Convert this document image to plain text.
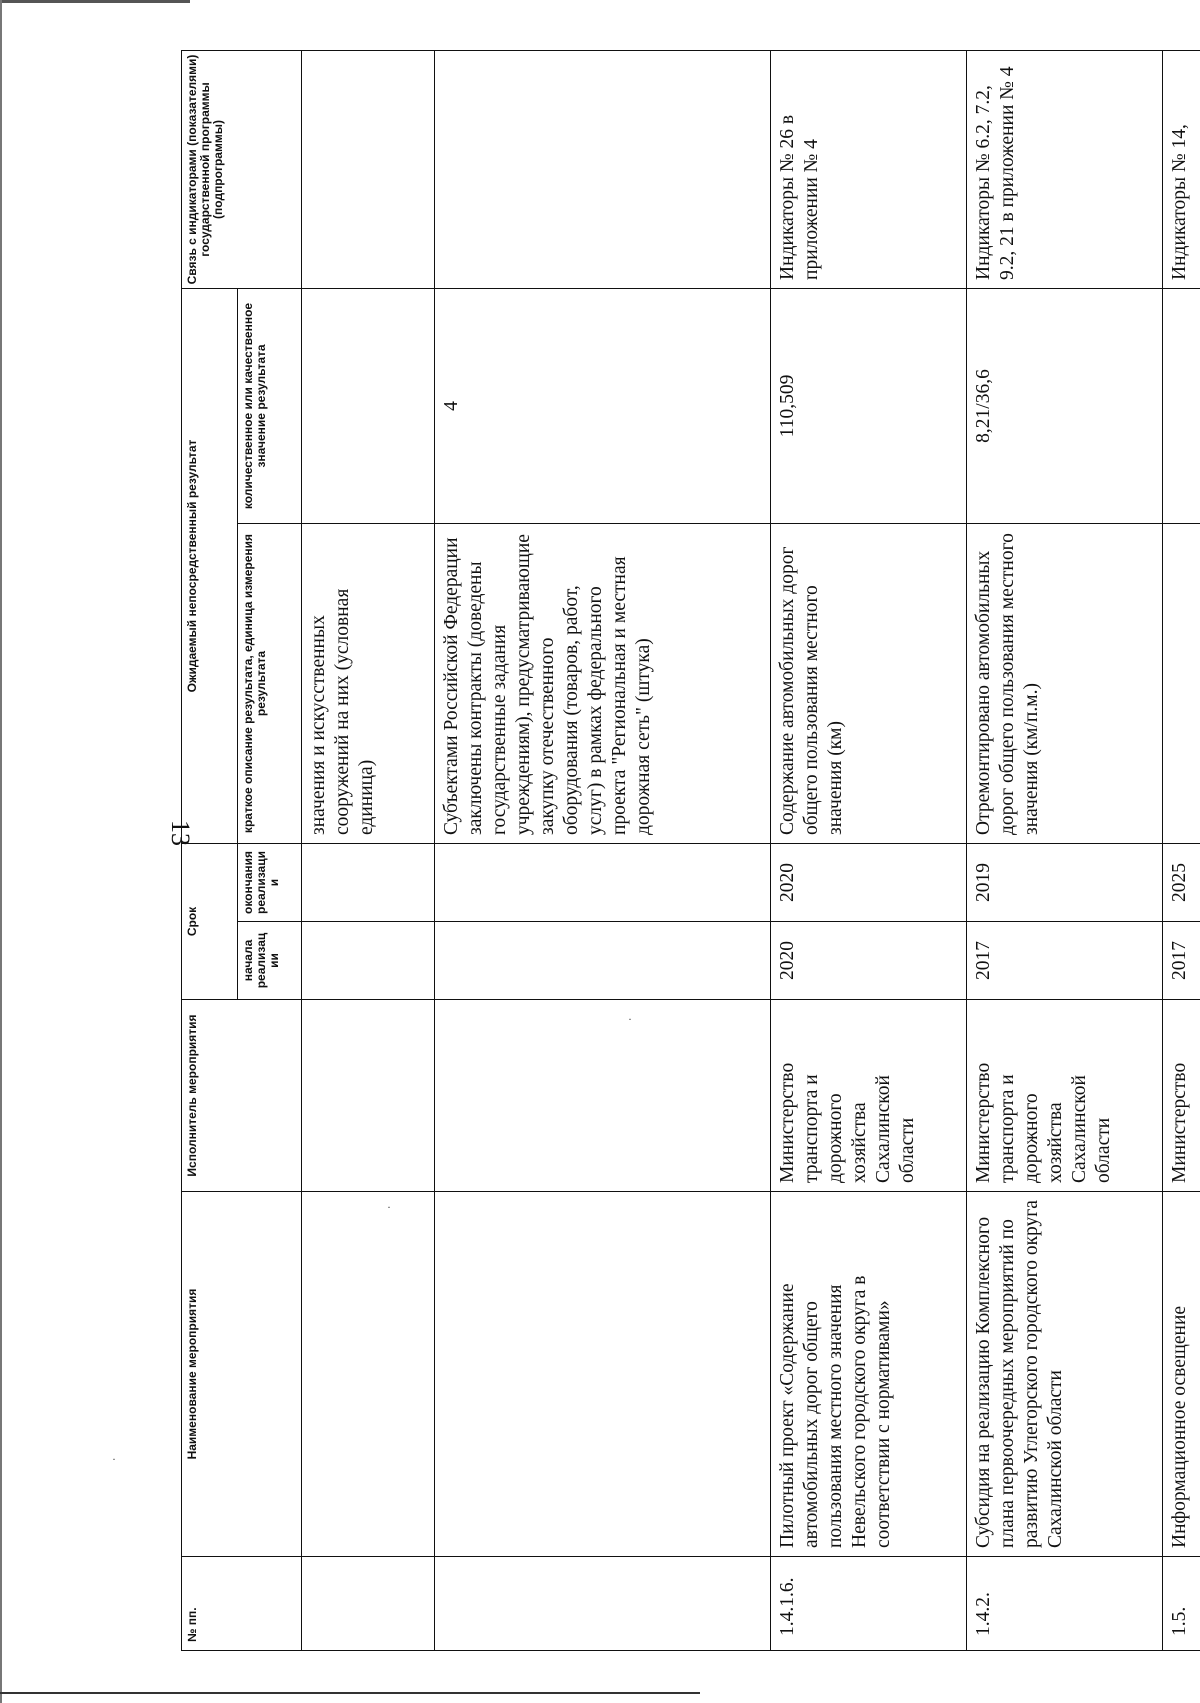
13
·
·
·
№ пп.	Наименование мероприятия	Исполнитель мероприятия	Срок		Ожидаемый непосредственный результат		Связь с индикаторами (показателями) государственной программы (подпрограммы)
			начала реализац ии	окончания реализаци и	краткое описание результата, единица измерения результата	количественное или качественное значение результата	
					значения и искусственных сооружений на них (условная единица)		
					Субъектами Российской Федерации заключены контракты (доведены государственные задания учреждениям), предусматривающие закупку отечественного оборудования (товаров, работ, услуг) в рамках федерального проекта "Региональная и местная дорожная сеть" (штука)	4	
1.4.1.6.	Пилотный проект «Содержание автомобильных дорог общего пользования местного значения Невельского городского округа в соответствии с нормативами»	Министерство транспорта и дорожного хозяйства Сахалинской области	2020	2020	Содержание автомобильных дорог общего пользования местного значения (км)	110,509	Индикаторы № 26 в приложении № 4
1.4.2.	Субсидия на реализацию Комплексного плана первоочередных мероприятий по развитию Углегорского городского округа Сахалинской области	Министерство транспорта и дорожного хозяйства Сахалинской области	2017	2019	Отремонтировано автомобильных дорог общего пользования местного значения (км/п.м.)	8,21/36,6	Индикаторы № 6.2, 7.2, 9.2, 21 в приложении № 4
1.5.	Информационное освещение	Министерство	2017	2025			Индикаторы № 14,
